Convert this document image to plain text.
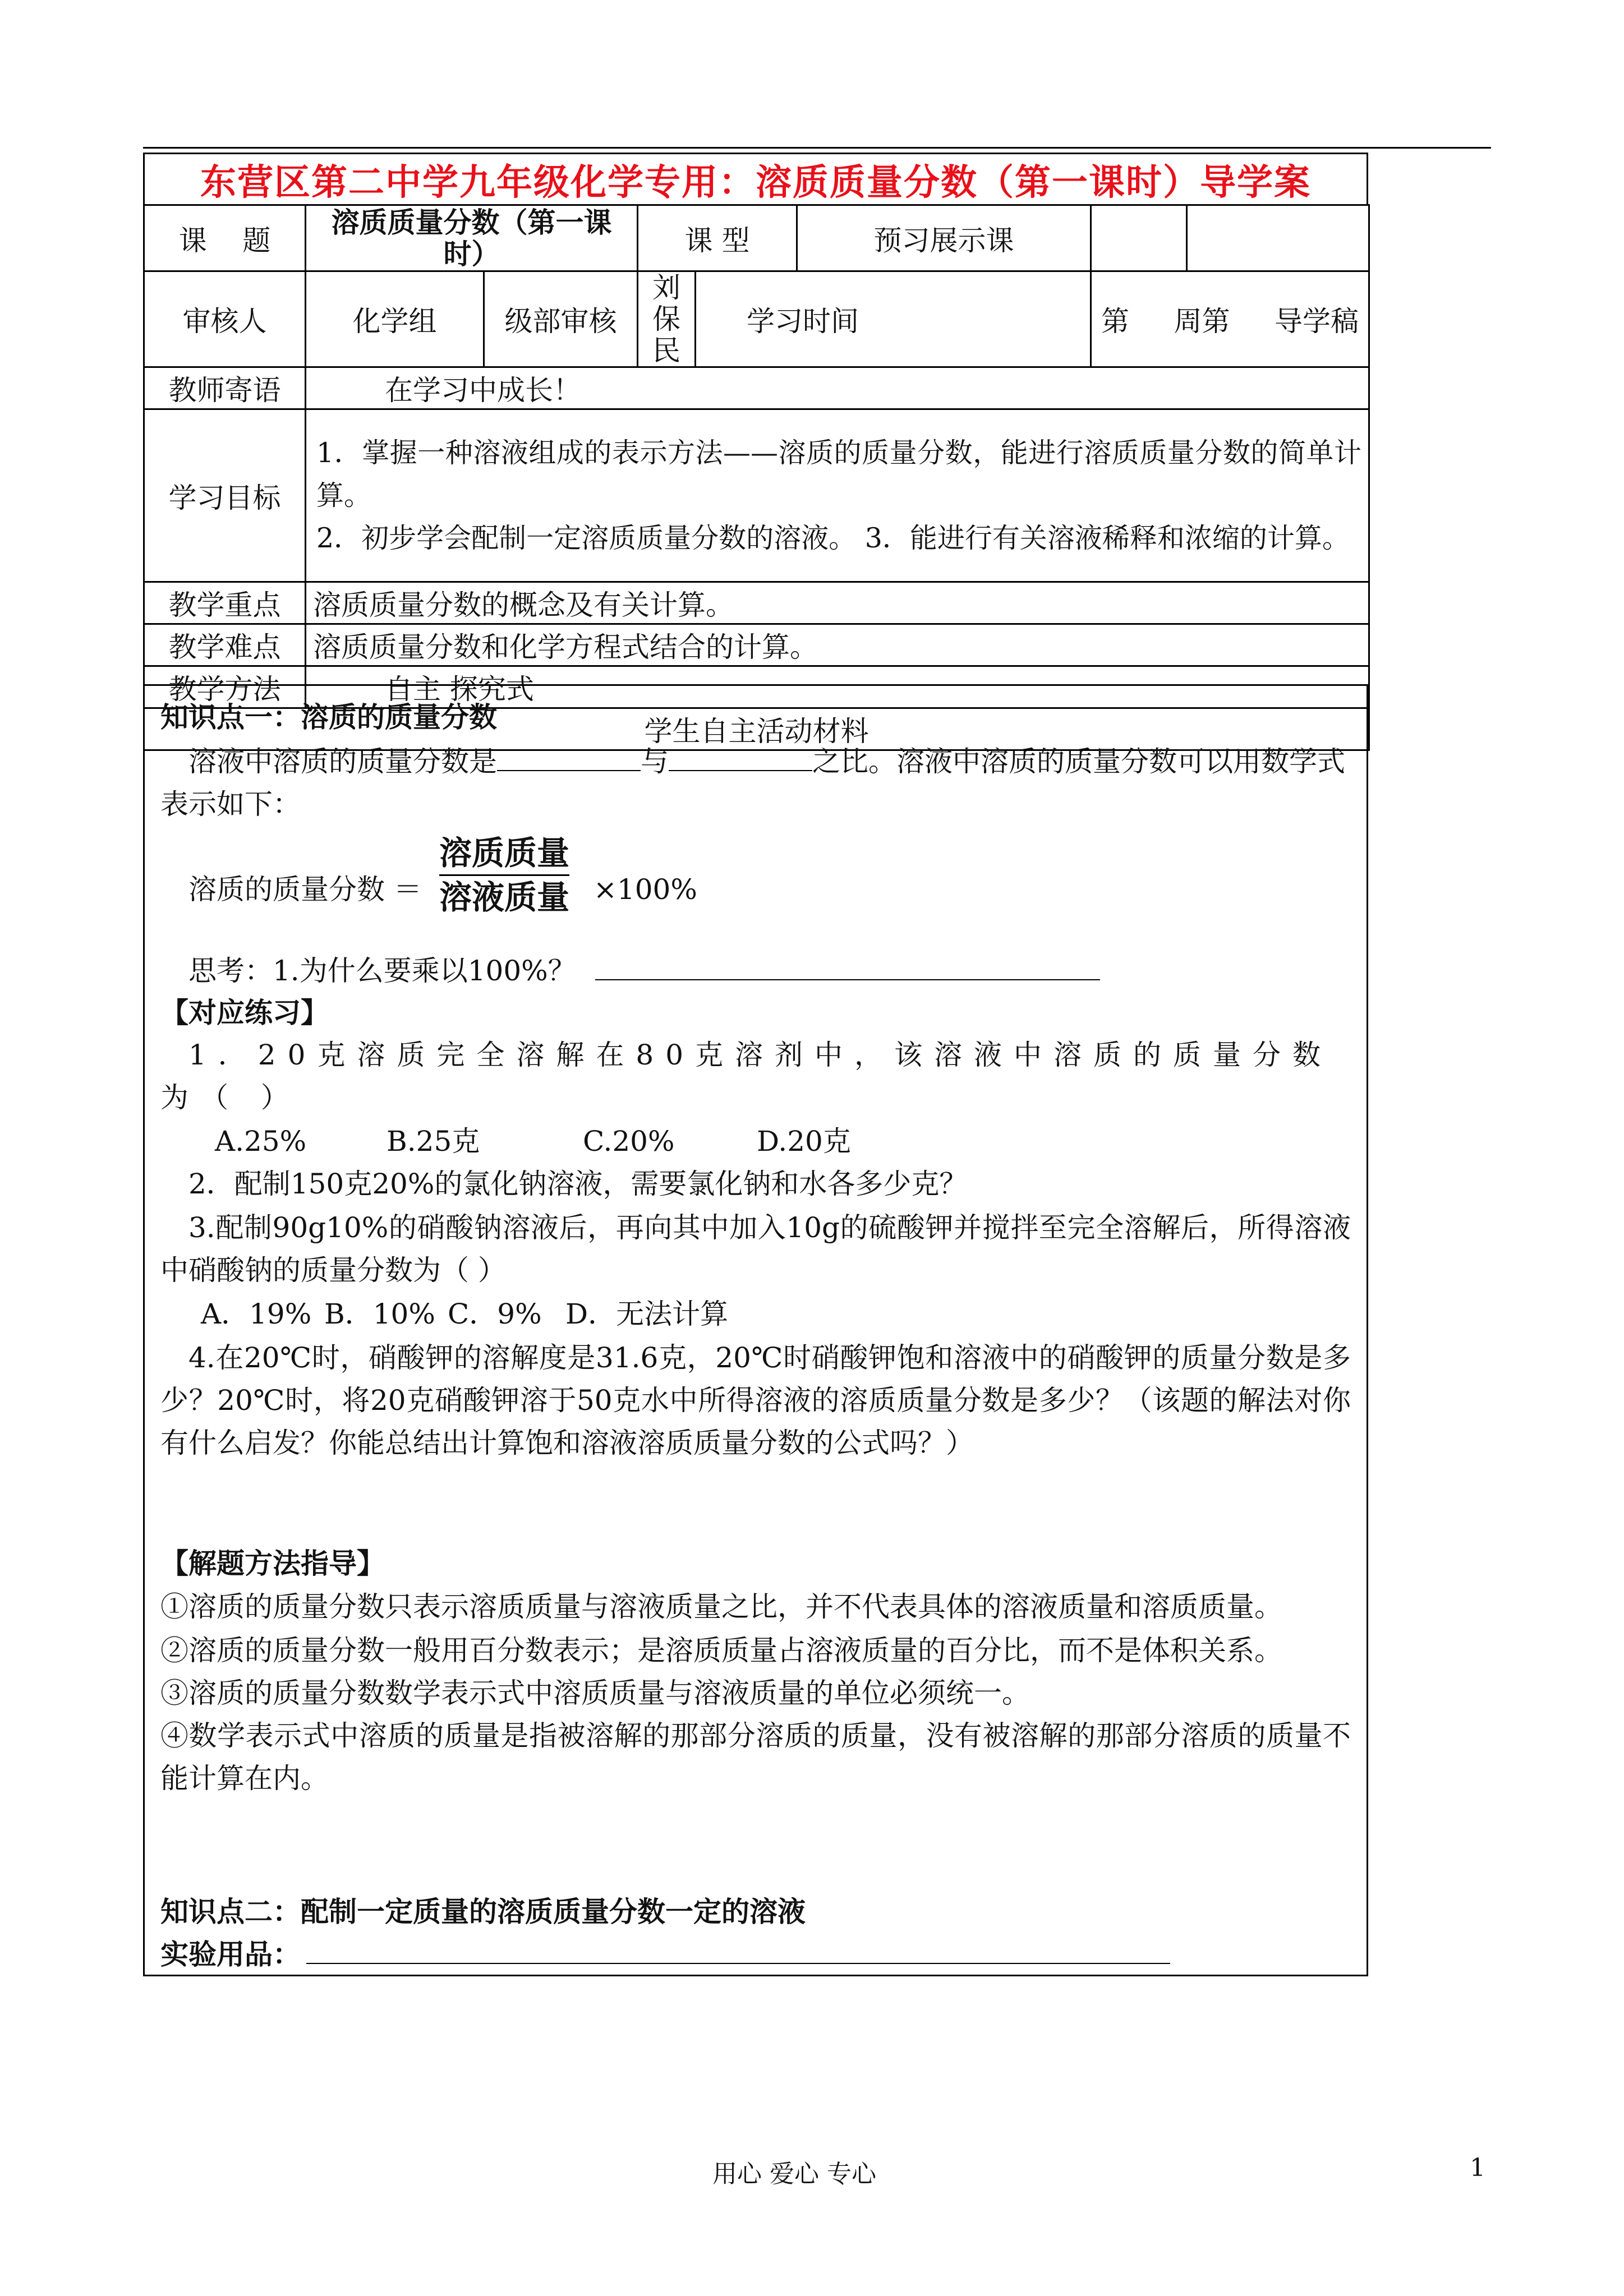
东营区第二中学九年级化学专用：溶质质量分数（第一课时）导学案
课    题	溶质质量分数（第一课时）		课 型		预习展示课		
审核人	化学组	级部审核	刘保民	学习时间		第     周第     导学稿	
教师寄语	在学习中成长！						
学习目标	1．掌握一种溶液组成的表示方法——溶质的质量分数，能进行溶质质量分数的简单计算。
2．初步学会配制一定溶质质量分数的溶液。 3．能进行有关溶液稀释和浓缩的计算。						

教学重点	溶质质量分数的概念及有关计算。						
教学难点	溶质质量分数和化学方程式结合的计算。						
教学方法	自主 探究式						
学生自主活动材料							

知识点一：溶质的质量分数

溶液中溶质的质量分数是	与	之比。溶液中溶质的质量分数可以用数学式表示如下：

溶质的质量分数 ＝
溶质质量
溶液质量 ×100%

思考：1.为什么要乘以100%？

【对应练习】

1．20克溶质完全溶解在80克溶剂中，该溶液中溶质的质量分数为（ ）

A.25%	B.25克	C.20%	D.20克

2．配制150克20%的氯化钠溶液，需要氯化钠和水各多少克？

3.配制90g10%的硝酸钠溶液后，再向其中加入10g的硫酸钾并搅拌至完全溶解后，所得溶液中硝酸钠的质量分数为（ ）

A．19% B．10% C．9% D．无法计算

4.在20℃时，硝酸钾的溶解度是31.6克，20℃时硝酸钾饱和溶液中的硝酸钾的质量分数是多少？20℃时，将20克硝酸钾溶于50克水中所得溶液的溶质质量分数是多少？（该题的解法对你有什么启发？你能总结出计算饱和溶液溶质质量分数的公式吗？）

【解题方法指导】

①溶质的质量分数只表示溶质质量与溶液质量之比，并不代表具体的溶液质量和溶质质量。

②溶质的质量分数一般用百分数表示；是溶质质量占溶液质量的百分比，而不是体积关系。

③溶质的质量分数数学表示式中溶质质量与溶液质量的单位必须统一。

④数学表示式中溶质的质量是指被溶解的那部分溶质的质量，没有被溶解的那部分溶质的质量不能计算在内。

知识点二：配制一定质量的溶质质量分数一定的溶液

实验用品：

用心 爱心 专心	1
